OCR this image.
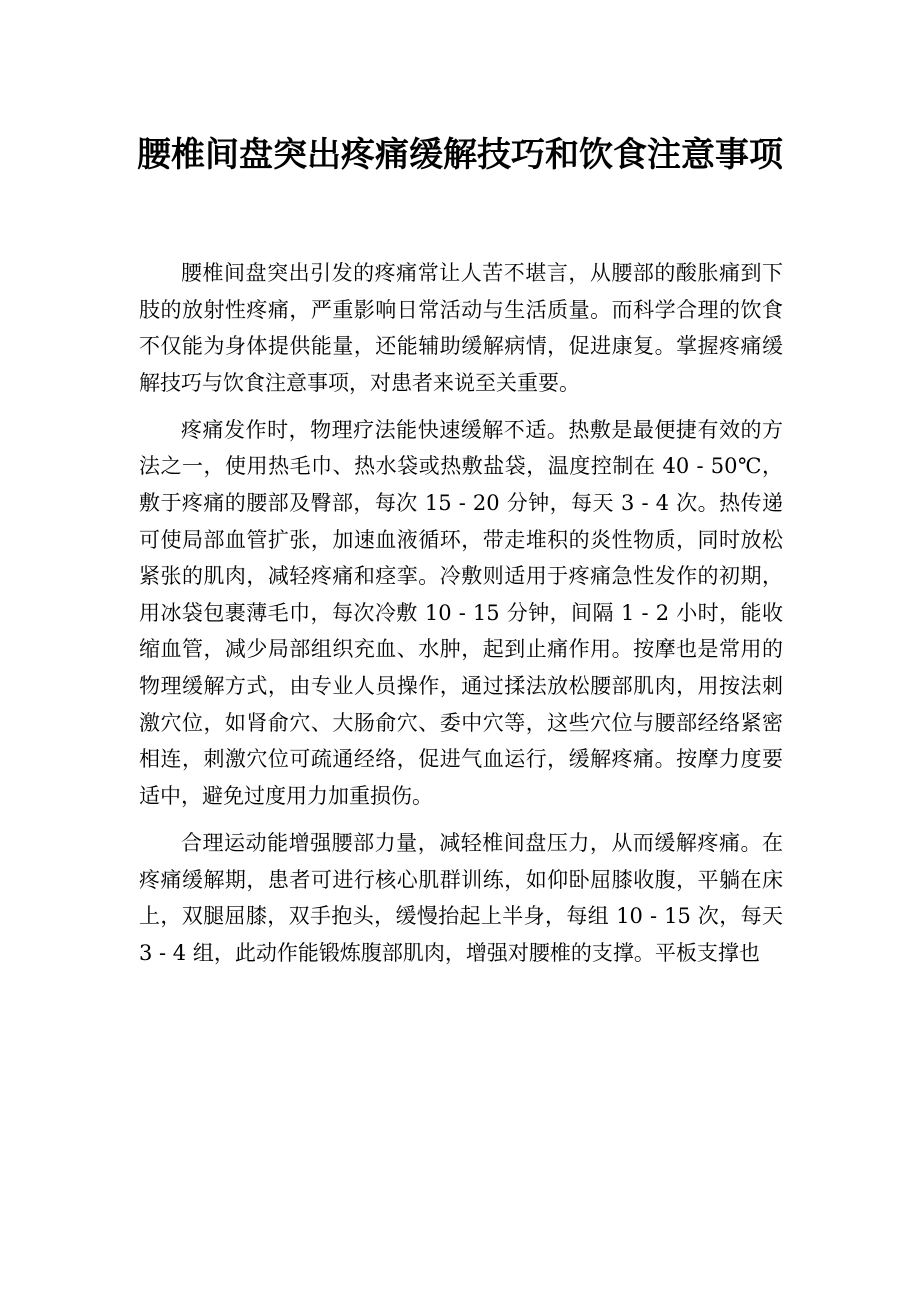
腰椎间盘突出疼痛缓解技巧和饮食注意事项

腰椎间盘突出引发的疼痛常让人苦不堪言，从腰部的酸胀痛到下肢的放射性疼痛，严重影响日常活动与生活质量。而科学合理的饮食不仅能为身体提供能量，还能辅助缓解病情，促进康复。掌握疼痛缓解技巧与饮食注意事项，对患者来说至关重要。

疼痛发作时，物理疗法能快速缓解不适。热敷是最便捷有效的方法之一，使用热毛巾、热水袋或热敷盐袋，温度控制在 40 - 50℃，敷于疼痛的腰部及臀部，每次 15 - 20 分钟，每天 3 - 4 次。热传递可使局部血管扩张，加速血液循环，带走堆积的炎性物质，同时放松紧张的肌肉，减轻疼痛和痉挛。冷敷则适用于疼痛急性发作的初期，用冰袋包裹薄毛巾，每次冷敷 10 - 15 分钟，间隔 1 - 2 小时，能收缩血管，减少局部组织充血、水肿，起到止痛作用。按摩也是常用的物理缓解方式，由专业人员操作，通过揉法放松腰部肌肉，用按法刺激穴位，如肾俞穴、大肠俞穴、委中穴等，这些穴位与腰部经络紧密相连，刺激穴位可疏通经络，促进气血运行，缓解疼痛。按摩力度要适中，避免过度用力加重损伤。

合理运动能增强腰部力量，减轻椎间盘压力，从而缓解疼痛。在疼痛缓解期，患者可进行核心肌群训练，如仰卧屈膝收腹，平躺在床上，双腿屈膝，双手抱头，缓慢抬起上半身，每组 10 - 15 次，每天 3 - 4 组，此动作能锻炼腹部肌肉，增强对腰椎的支撑。平板支撑也
